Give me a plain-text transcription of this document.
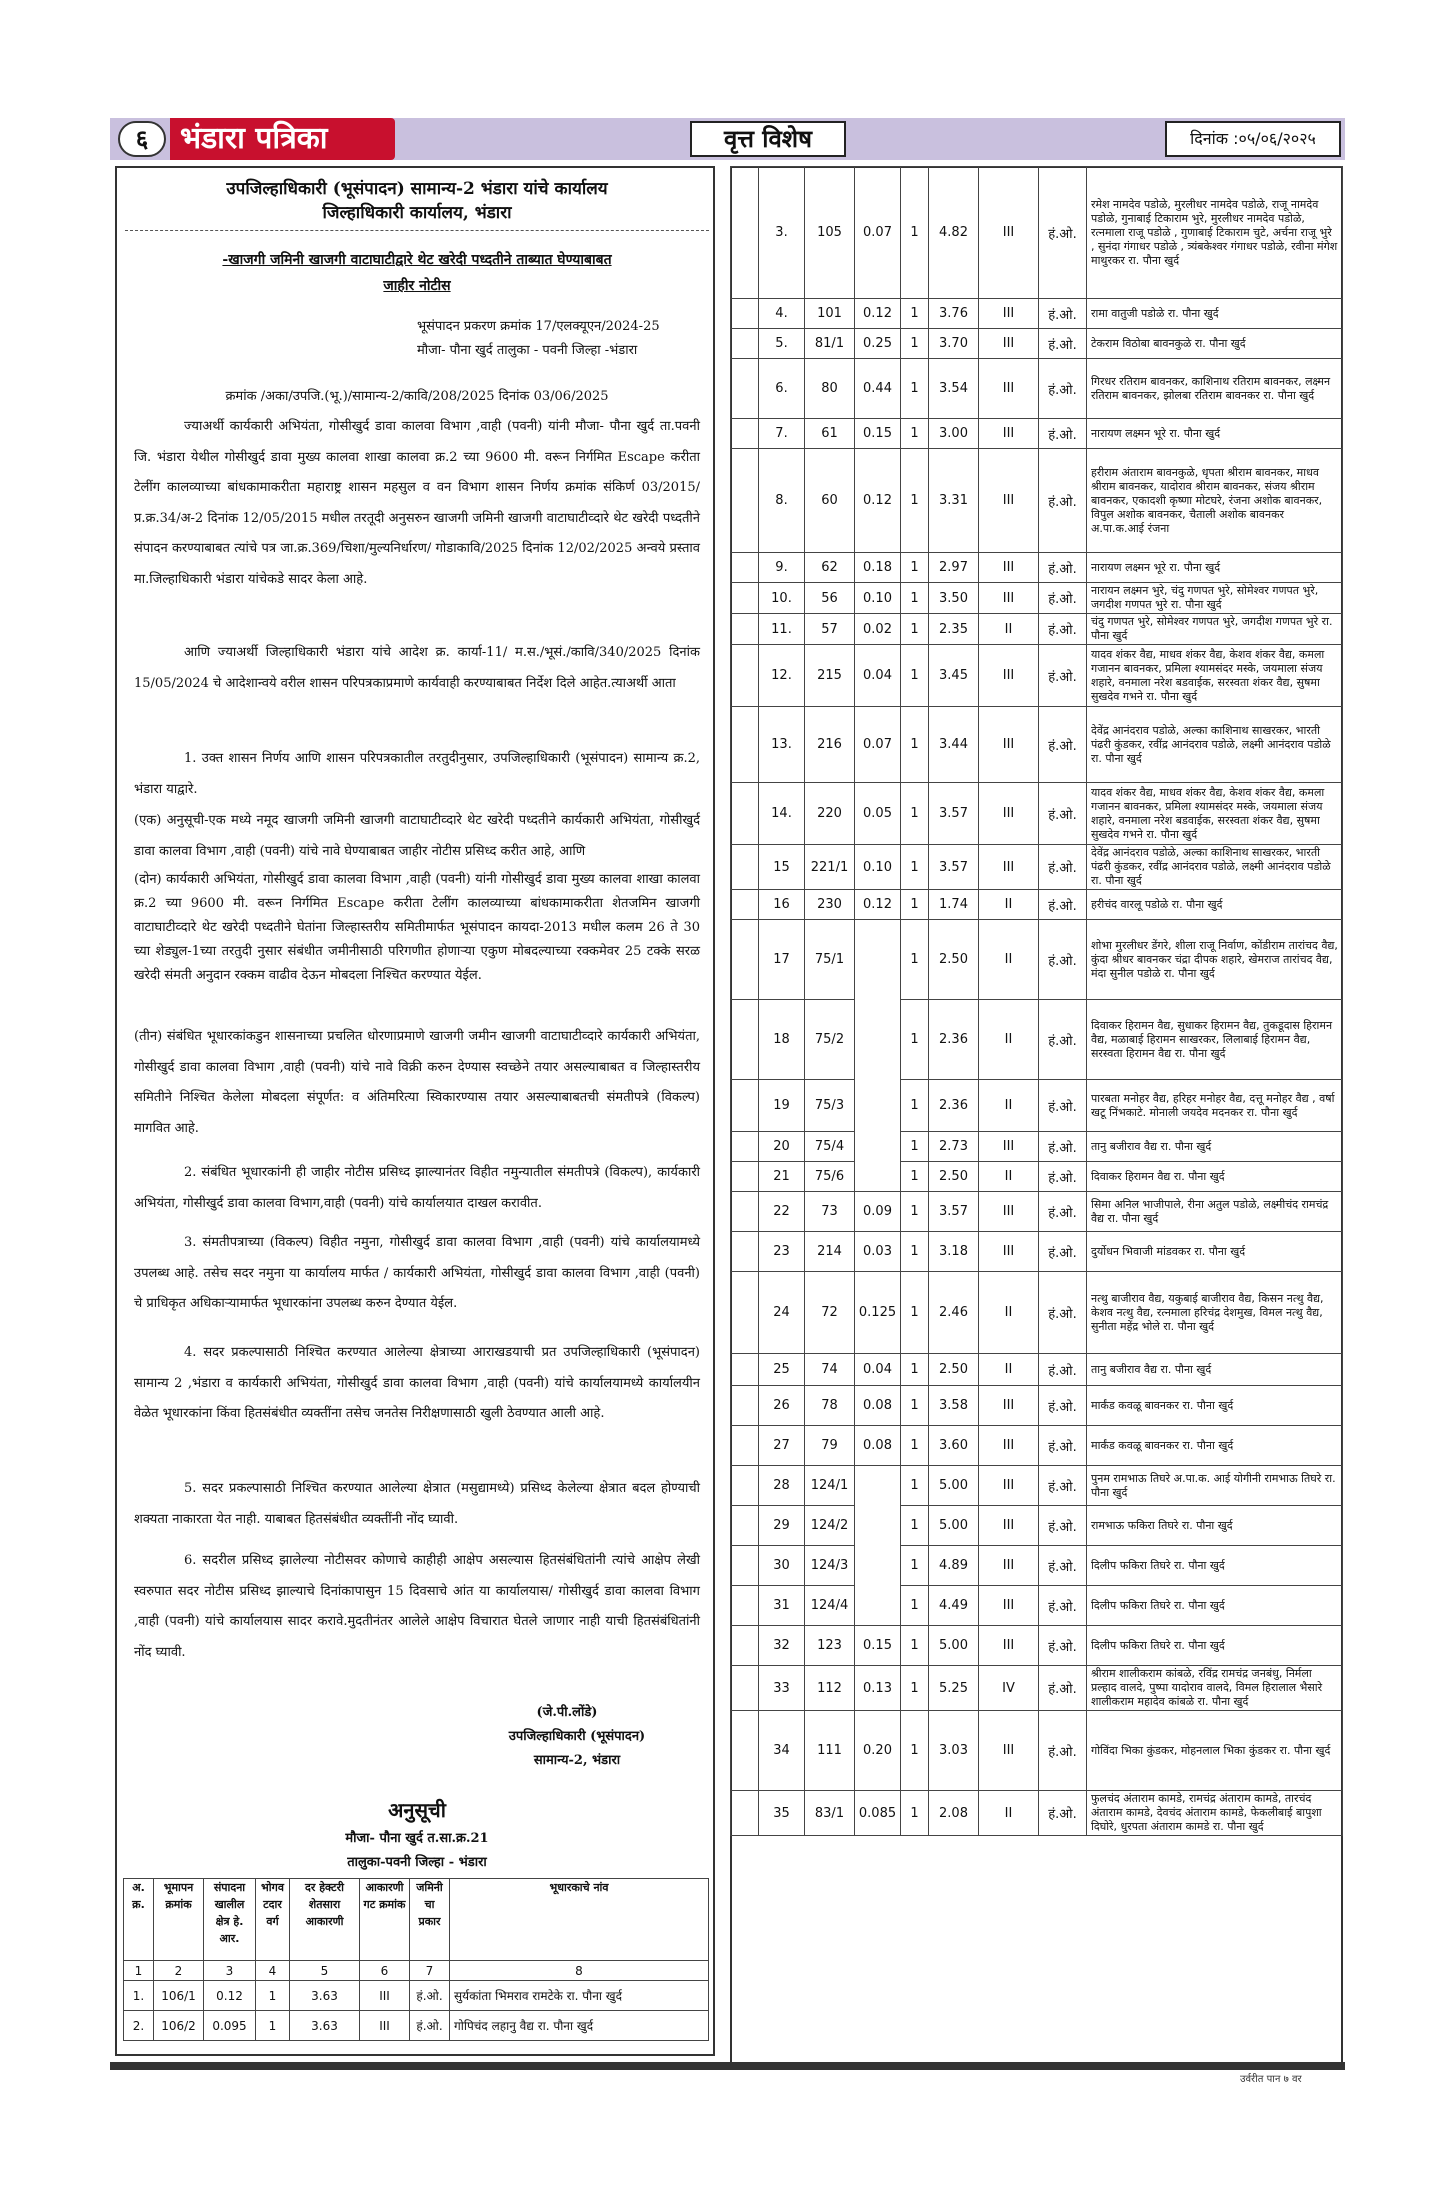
६	भंडारा पत्रिका	वृत्त विशेष	दिनांक :०५/०६/२०२५
उपजिल्हाधिकारी (भूसंपादन) सामान्य-2 भंडारा यांचे कार्यालय
जिल्हाधिकारी कार्यालय, भंडारा
-खाजगी जमिनी खाजगी वाटाघाटीद्वारे थेट खरेदी पध्दतीने ताब्यात घेण्याबाबत
जाहीर नोटीस
भूसंपादन प्रकरण क्रमांक 17/एलक्यूएन/2024-25
मौजा- पौना खुर्द तालुका - पवनी जिल्हा -भंडारा
क्रमांक /अका/उपजि.(भू.)/सामान्य-2/कावि/208/2025 दिनांक 03/06/2025

ज्याअर्थी कार्यकारी अभियंता, गोसीखुर्द डावा कालवा विभाग ,वाही (पवनी) यांनी मौजा- पौना खुर्द ता.पवनी जि. भंडारा येथील गोसीखुर्द डावा मुख्य कालवा शाखा कालवा क्र.2 च्या 9600 मी. वरून निर्गमित Escape करीता टेलींग कालव्याच्या बांधकामाकरीता महाराष्ट्र शासन महसुल व वन विभाग शासन निर्णय क्रमांक संकिर्ण 03/2015/ प्र.क्र.34/अ-2 दिनांक 12/05/2015 मधील तरतूदी अनुसरुन खाजगी जमिनी खाजगी वाटाघाटीव्दारे थेट खरेदी पध्दतीने संपादन करण्याबाबत त्यांचे पत्र जा.क्र.369/चिशा/मुल्यनिर्धारण/ गोडाकावि/2025 दिनांक 12/02/2025 अन्वये प्रस्ताव मा.जिल्हाधिकारी भंडारा यांचेकडे सादर केला आहे.

आणि ज्याअर्थी जिल्हाधिकारी भंडारा यांचे आदेश क्र. कार्या-11/ म.स./भूसं./कावि/340/2025 दिनांक 15/05/2024 चे आदेशान्वये वरील शासन परिपत्रकाप्रमाणे कार्यवाही करण्याबाबत निर्देश दिले आहेत.त्याअर्थी आता

1. उक्त शासन निर्णय आणि शासन परिपत्रकातील तरतुदीनुसार, उपजिल्हाधिकारी (भूसंपादन) सामान्य क्र.2, भंडारा याद्वारे.

(एक) अनुसूची-एक मध्ये नमूद खाजगी जमिनी खाजगी वाटाघाटीव्दारे थेट खरेदी पध्दतीने कार्यकारी अभियंता, गोसीखुर्द डावा कालवा विभाग ,वाही (पवनी) यांचे नावे घेण्याबाबत जाहीर नोटीस प्रसिध्द करीत आहे, आणि

(दोन) कार्यकारी अभियंता, गोसीखुर्द डावा कालवा विभाग ,वाही (पवनी) यांनी गोसीखुर्द डावा मुख्य कालवा शाखा कालवा क्र.2 च्या 9600 मी. वरून निर्गमित Escape करीता टेलींग कालव्याच्या बांधकामाकरीता शेतजमिन खाजगी वाटाघाटीव्दारे थेट खरेदी पध्दतीने घेतांना जिल्हास्तरीय समितीमार्फत भूसंपादन कायदा-2013 मधील कलम 26 ते 30 च्या शेड्युल-1च्या तरतुदी नुसार संबंधीत जमीनीसाठी परिगणीत होणाऱ्या एकुण मोबदल्याच्या रक्कमेवर 25 टक्के सरळ खरेदी संमती अनुदान रक्कम वाढीव देऊन मोबदला निश्चित करण्यात येईल.

(तीन) संबंधित भूधारकांकडुन शासनाच्या प्रचलित धोरणाप्रमाणे खाजगी जमीन खाजगी वाटाघाटीव्दारे कार्यकारी अभियंता, गोसीखुर्द डावा कालवा विभाग ,वाही (पवनी) यांचे नावे विक्री करुन देण्यास स्वच्छेने तयार असल्याबाबत व जिल्हास्तरीय समितीने निश्चित केलेला मोबदला संपूर्णत: व अंतिमरित्या स्विकारण्यास तयार असल्याबाबतची संमतीपत्रे (विकल्प) मागवित आहे.

2. संबंधित भूधारकांनी ही जाहीर नोटीस प्रसिध्द झाल्यानंतर विहीत नमुन्यातील संमतीपत्रे (विकल्प), कार्यकारी अभियंता, गोसीखुर्द डावा कालवा विभाग,वाही (पवनी) यांचे कार्यालयात दाखल करावीत.

3. संमतीपत्राच्या (विकल्प) विहीत नमुना, गोसीखुर्द डावा कालवा विभाग ,वाही (पवनी) यांचे कार्यालयामध्ये उपलब्ध आहे. तसेच सदर नमुना या कार्यालय मार्फत / कार्यकारी अभियंता, गोसीखुर्द डावा कालवा विभाग ,वाही (पवनी) चे प्राधिकृत अधिकाऱ्यामार्फत भूधारकांना उपलब्ध करुन देण्यात येईल.

4. सदर प्रकल्पासाठी निश्चित करण्यात आलेल्या क्षेत्राच्या आराखडयाची प्रत उपजिल्हाधिकारी (भूसंपादन) सामान्य 2 ,भंडारा व कार्यकारी अभियंता, गोसीखुर्द डावा कालवा विभाग ,वाही (पवनी) यांचे कार्यालयामध्ये कार्यालयीन वेळेत भूधारकांना किंवा हितसंबंधीत व्यक्तींना तसेच जनतेस निरीक्षणासाठी खुली ठेवण्यात आली आहे.

5. सदर प्रकल्पासाठी निश्चित करण्यात आलेल्या क्षेत्रात (मसुद्यामध्ये) प्रसिध्द केलेल्या क्षेत्रात बदल होण्याची शक्यता नाकारता येत नाही. याबाबत हितसंबंधीत व्यक्तींनी नोंद घ्यावी.

6. सदरील प्रसिध्द झालेल्या नोटीसवर कोणाचे काहीही आक्षेप असल्यास हितसंबंधितांनी त्यांचे आक्षेप लेखी स्वरुपात सदर नोटीस प्रसिध्द झाल्याचे दिनांकापासुन 15 दिवसाचे आंत या कार्यालयास/ गोसीखुर्द डावा कालवा विभाग ,वाही (पवनी) यांचे कार्यालयास सादर करावे.मुदतीनंतर आलेले आक्षेप विचारात घेतले जाणार नाही याची हितसंबंधितांनी नोंद घ्यावी.

(जे.पी.लोंडे)
उपजिल्हाधिकारी (भूसंपादन)
सामान्य-2, भंडारा
अनुसूची
मौजा- पौना खुर्द त.सा.क्र.21
तालुका-पवनी जिल्हा - भंडारा
अ. क्र.	भूमापन क्रमांक	संपादना खालील क्षेत्र हे. आर.	भोगव टदार वर्ग	दर हेक्टरी शेतसारा आकारणी	आकारणी गट क्रमांक	जमिनी चा प्रकार	भूधारकाचे नांव
1	2	3	4	5	6	7	8
1.	106/1	0.12	1	3.63	III	हं.ओ.	सुर्यकांता भिमराव रामटेके रा. पौना खुर्द
2.	106/2	0.095	1	3.63	III	हं.ओ.	गोपिचंद लहानु वैद्य रा. पौना खुर्द
	3.	105	0.07	1	4.82	III	हं.ओ.	रमेश नामदेव पडोळे, मुरलीधर नामदेव पडोळे, राजू नामदेव पडोळे, गुनाबाई टिकाराम भुरे, मुरलीधर नामदेव पडोळे, रत्नमाला राजू पडोळे , गुणाबाई टिकाराम चुटे, अर्चना राजू भुरे , सुनंदा गंगाधर पडोळे , त्र्यंबकेश्वर गंगाधर पडोळे, रवीना मंगेश माथुरकर रा. पौना खुर्द
	4.	101	0.12	1	3.76	III	हं.ओ.	रामा वातुजी पडोळे रा. पौना खुर्द
	5.	81/1	0.25	1	3.70	III	हं.ओ.	टेकराम विठोबा बावनकुळे रा. पौना खुर्द
	6.	80	0.44	1	3.54	III	हं.ओ.	गिरधर रतिराम बावनकर, काशिनाथ रतिराम बावनकर, लक्ष्मन रतिराम बावनकर, झोलबा रतिराम बावनकर रा. पौना खुर्द
	7.	61	0.15	1	3.00	III	हं.ओ.	नारायण लक्ष्मन भूरे रा. पौना खुर्द
	8.	60	0.12	1	3.31	III	हं.ओ.	हरीराम अंताराम बावनकुळे, धृपता श्रीराम बावनकर, माधव श्रीराम बावनकर, यादोराव श्रीराम बावनकर, संजय श्रीराम बावनकर, एकादशी कृष्णा मोटघरे, रंजना अशोक बावनकर, विपुल अशोक बावनकर, चैताली अशोक बावनकर अ.पा.क.आई रंजना
	9.	62	0.18	1	2.97	III	हं.ओ.	नारायण लक्ष्मन भूरे रा. पौना खुर्द
	10.	56	0.10	1	3.50	III	हं.ओ.	नारायन लक्ष्मन भुरे, चंदु गणपत भुरे, सोमेश्वर गणपत भुरे, जगदीश गणपत भुरे रा. पौना खुर्द
	11.	57	0.02	1	2.35	II	हं.ओ.	चंदु गणपत भुरे, सोमेश्वर गणपत भुरे, जगदीश गणपत भुरे रा. पौना खुर्द
	12.	215	0.04	1	3.45	III	हं.ओ.	यादव शंकर वैद्य, माधव शंकर वैद्य, केशव शंकर वैद्य, कमला गजानन बावनकर, प्रमिला श्यामसंदर मस्के, जयमाला संजय शहारे, वनमाला नरेश बडवाईक, सरस्वता शंकर वैद्य, सुषमा सुखदेव गभने रा. पौना खुर्द
	13.	216	0.07	1	3.44	III	हं.ओ.	देवेंद्र आनंदराव पडोळे, अल्का काशिनाथ साखरकर, भारती पंढरी कुंडकर, रवींद्र आनंदराव पडोळे, लक्ष्मी आनंदराव पडोळे रा. पौना खुर्द
	14.	220	0.05	1	3.57	III	हं.ओ.	यादव शंकर वैद्य, माधव शंकर वैद्य, केशव शंकर वैद्य, कमला गजानन बावनकर, प्रमिला श्यामसंदर मस्के, जयमाला संजय शहारे, वनमाला नरेश बडवाईक, सरस्वता शंकर वैद्य, सुषमा सुखदेव गभने रा. पौना खुर्द
	15	221/1	0.10	1	3.57	III	हं.ओ.	देवेंद्र आनंदराव पडोळे, अल्का काशिनाथ साखरकर, भारती पंढरी कुंडकर, रवींद्र आनंदराव पडोळे, लक्ष्मी आनंदराव पडोळे रा. पौना खुर्द
	16	230	0.12	1	1.74	II	हं.ओ.	हरीचंद वारलू पडोळे रा. पौना खुर्द
	17	75/1		1	2.50	II	हं.ओ.	शोभा मुरलीधर डेंगरे, शीला राजू निर्वाण, कोंडीराम तारांचद वैद्य, कुंदा श्रीधर बावनकर चंद्रा दीपक शहारे, खेमराज तारांचद वैद्य, मंदा सुनील पडोळे रा. पौना खुर्द
	18	75/2		1	2.36	II	हं.ओ.	दिवाकर हिरामन वैद्य, सुधाकर हिरामन वैद्य, तुकडूदास हिरामन वैद्य, मळाबाई हिरामन साखरकर, लिलाबाई हिरामन वैद्य, सरस्वता हिरामन वैद्य रा. पौना खुर्द
	19	75/3		1	2.36	II	हं.ओ.	पारबता मनोहर वैद्य, हरिहर मनोहर वैद्य, दत्तू मनोहर वैद्य , वर्षा खटू निंभकाटे. मोनाली जयदेव मदनकर रा. पौना खुर्द
	20	75/4		1	2.73	III	हं.ओ.	तानु बजीराव वैद्य रा. पौना खुर्द
	21	75/6		1	2.50	II	हं.ओ.	दिवाकर हिरामन वैद्य रा. पौना खुर्द
	22	73	0.09	1	3.57	III	हं.ओ.	सिमा अनिल भाजीपाले, रीना अतुल पडोळे, लक्ष्मीचंद रामचंद्र वैद्य रा. पौना खुर्द
	23	214	0.03	1	3.18	III	हं.ओ.	दुर्योधन भिवाजी मांडवकर रा. पौना खुर्द
	24	72	0.125	1	2.46	II	हं.ओ.	नत्थु बाजीराव वैद्य, यकुबाई बाजीराव वैद्य, किसन नत्थु वैद्य, केशव नत्थु वैद्य, रत्नमाला हरिचंद्र देशमुख, विमल नत्थु वैद्य, सुनीता महेंद्र भोले रा. पौना खुर्द
	25	74	0.04	1	2.50	II	हं.ओ.	तानु बजीराव वैद्य रा. पौना खुर्द
	26	78	0.08	1	3.58	III	हं.ओ.	मार्कंड कवळू बावनकर रा. पौना खुर्द
	27	79	0.08	1	3.60	III	हं.ओ.	मार्कंड कवळू बावनकर रा. पौना खुर्द
	28	124/1		1	5.00	III	हं.ओ.	पुनम रामभाऊ तिघरे अ.पा.क. आई योगीनी रामभाऊ तिघरे रा. पौना खुर्द
	29	124/2		1	5.00	III	हं.ओ.	रामभाऊ फकिरा तिघरे रा. पौना खुर्द
	30	124/3		1	4.89	III	हं.ओ.	दिलीप फकिरा तिघरे रा. पौना खुर्द
	31	124/4		1	4.49	III	हं.ओ.	दिलीप फकिरा तिघरे रा. पौना खुर्द
	32	123	0.15	1	5.00	III	हं.ओ.	दिलीप फकिरा तिघरे रा. पौना खुर्द
	33	112	0.13	1	5.25	IV	हं.ओ.	श्रीराम शालीकराम कांबळे, रविंद्र रामचंद्र जनबंधु, निर्मला प्रल्हाद वालदे, पुष्पा यादोराव वालदे, विमल हिरालाल भैसारे शालीकराम महादेव कांबळे रा. पौना खुर्द
	34	111	0.20	1	3.03	III	हं.ओ.	गोविंदा भिका कुंडकर, मोहनलाल भिका कुंडकर रा. पौना खुर्द
	35	83/1	0.085	1	2.08	II	हं.ओ.	फुलचंद अंताराम कामडे, रामचंद्र अंताराम कामडे, तारचंद अंताराम कामडे, देवचंद अंताराम कामडे, फेकलीबाई बापुशा दिघोरे, धुरपता अंताराम कामडे रा. पौना खुर्द
उर्वरीत पान ७ वर
